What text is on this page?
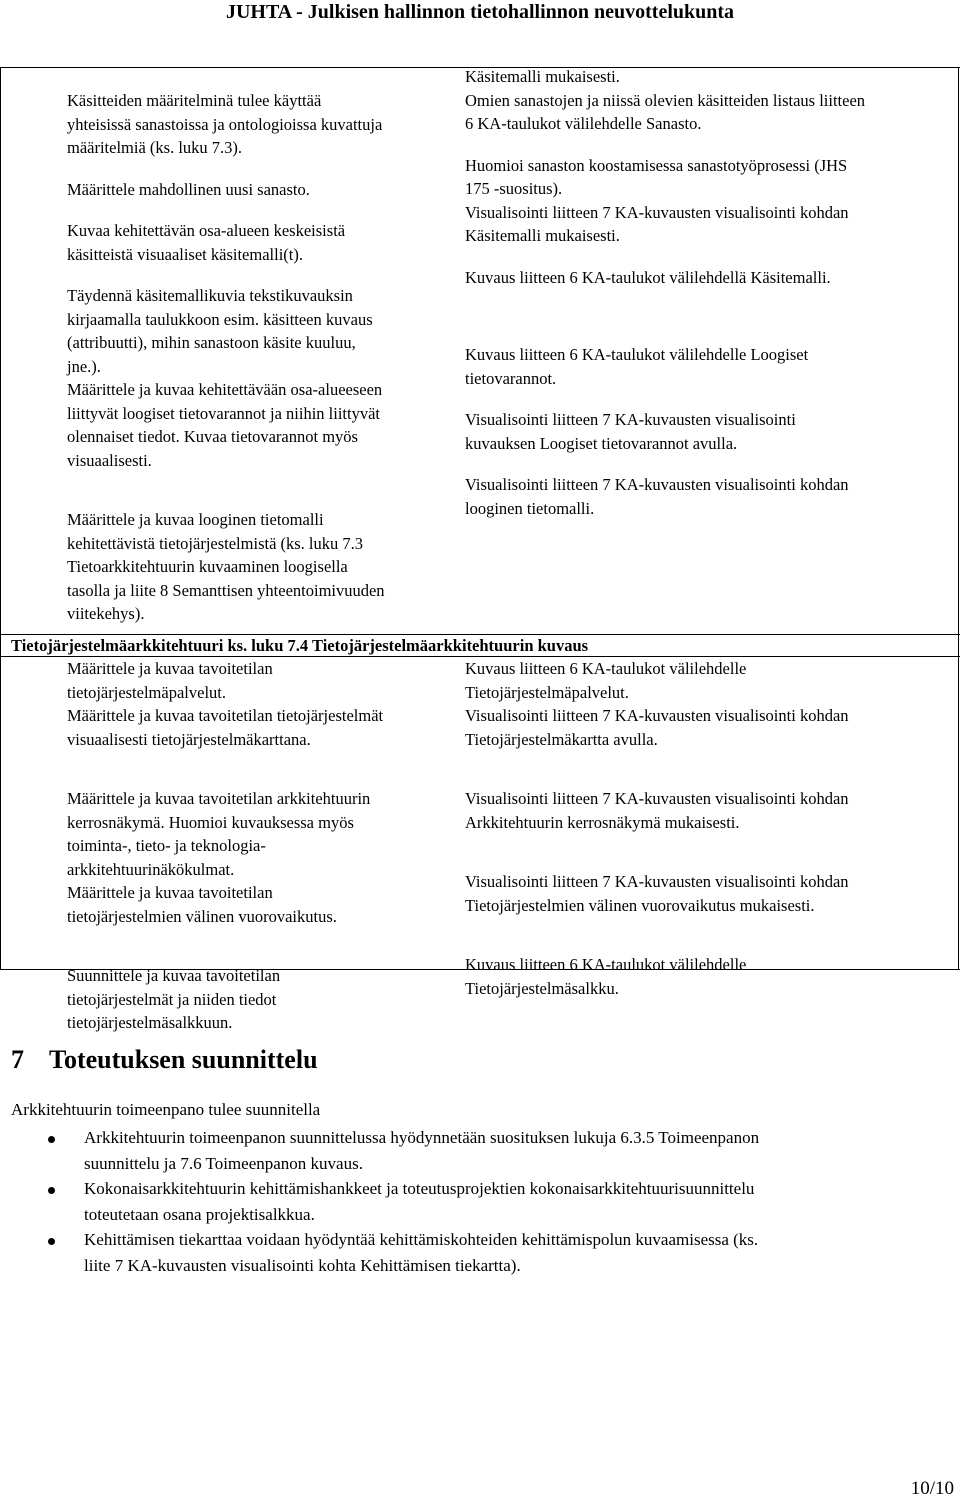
JUHTA - Julkisen hallinnon tietohallinnon neuvottelukunta
Käsitteiden määritelminä tulee käyttää
yhteisissä sanastoissa ja ontologioissa kuvattuja
määritelmiä (ks. luku 7.3).
Määrittele mahdollinen uusi sanasto.
Kuvaa kehitettävän osa-alueen keskeisistä
käsitteistä visuaaliset käsitemalli(t).
Täydennä käsitemallikuvia tekstikuvauksin
kirjaamalla taulukkoon esim. käsitteen kuvaus
(attribuutti), mihin sanastoon käsite kuuluu,
jne.).
Määrittele ja kuvaa kehitettävään osa-alueeseen
liittyvät loogiset tietovarannot ja niihin liittyvät
olennaiset tiedot. Kuvaa tietovarannot myös
visuaalisesti.
Määrittele ja kuvaa looginen tietomalli
kehitettävistä tietojärjestelmistä (ks. luku 7.3
Tietoarkkitehtuurin kuvaaminen loogisella
tasolla ja liite 8 Semanttisen yhteentoimivuuden
viitekehys).
Käsitemalli mukaisesti.
Omien sanastojen ja niissä olevien käsitteiden listaus liitteen
6 KA-taulukot välilehdelle Sanasto.
Huomioi sanaston koostamisessa sanastotyöprosessi (JHS
175 -suositus).
Visualisointi liitteen 7 KA-kuvausten visualisointi kohdan
Käsitemalli mukaisesti.
Kuvaus liitteen 6 KA-taulukot välilehdellä Käsitemalli.
Kuvaus liitteen 6 KA-taulukot välilehdelle Loogiset
tietovarannot.
Visualisointi liitteen 7 KA-kuvausten visualisointi
kuvauksen Loogiset tietovarannot avulla.
Visualisointi liitteen 7 KA-kuvausten visualisointi kohdan
looginen tietomalli.
Tietojärjestelmäarkkitehtuuri ks. luku 7.4 Tietojärjestelmäarkkitehtuurin kuvaus
Määrittele ja kuvaa tavoitetilan
tietojärjestelmäpalvelut.
Määrittele ja kuvaa tavoitetilan tietojärjestelmät
visuaalisesti tietojärjestelmäkarttana.
Määrittele ja kuvaa tavoitetilan arkkitehtuurin
kerrosnäkymä. Huomioi kuvauksessa myös
toiminta-, tieto- ja teknologia-
arkkitehtuurinäkökulmat.
Määrittele ja kuvaa tavoitetilan
tietojärjestelmien välinen vuorovaikutus.
Suunnittele ja kuvaa tavoitetilan
tietojärjestelmät ja niiden tiedot
tietojärjestelmäsalkkuun.
Kuvaus liitteen 6 KA-taulukot välilehdelle
Tietojärjestelmäpalvelut.
Visualisointi liitteen 7 KA-kuvausten visualisointi kohdan
Tietojärjestelmäkartta avulla.
Visualisointi liitteen 7 KA-kuvausten visualisointi kohdan
Arkkitehtuurin kerrosnäkymä mukaisesti.
Visualisointi liitteen 7 KA-kuvausten visualisointi kohdan
Tietojärjestelmien välinen vuorovaikutus mukaisesti.
Kuvaus liitteen 6 KA-taulukot välilehdelle
Tietojärjestelmäsalkku.
7 Toteutuksen suunnittelu
Arkkitehtuurin toimeenpano tulee suunnitella
Arkkitehtuurin toimeenpanon suunnittelussa hyödynnetään suosituksen lukuja 6.3.5 Toimeenpanon
suunnittelu ja 7.6 Toimeenpanon kuvaus.
Kokonaisarkkitehtuurin kehittämishankkeet ja toteutusprojektien kokonaisarkkitehtuurisuunnittelu
toteutetaan osana projektisalkkua.
Kehittämisen tiekarttaa voidaan hyödyntää kehittämiskohteiden kehittämispolun kuvaamisessa (ks.
liite 7 KA-kuvausten visualisointi kohta Kehittämisen tiekartta).
10/10
